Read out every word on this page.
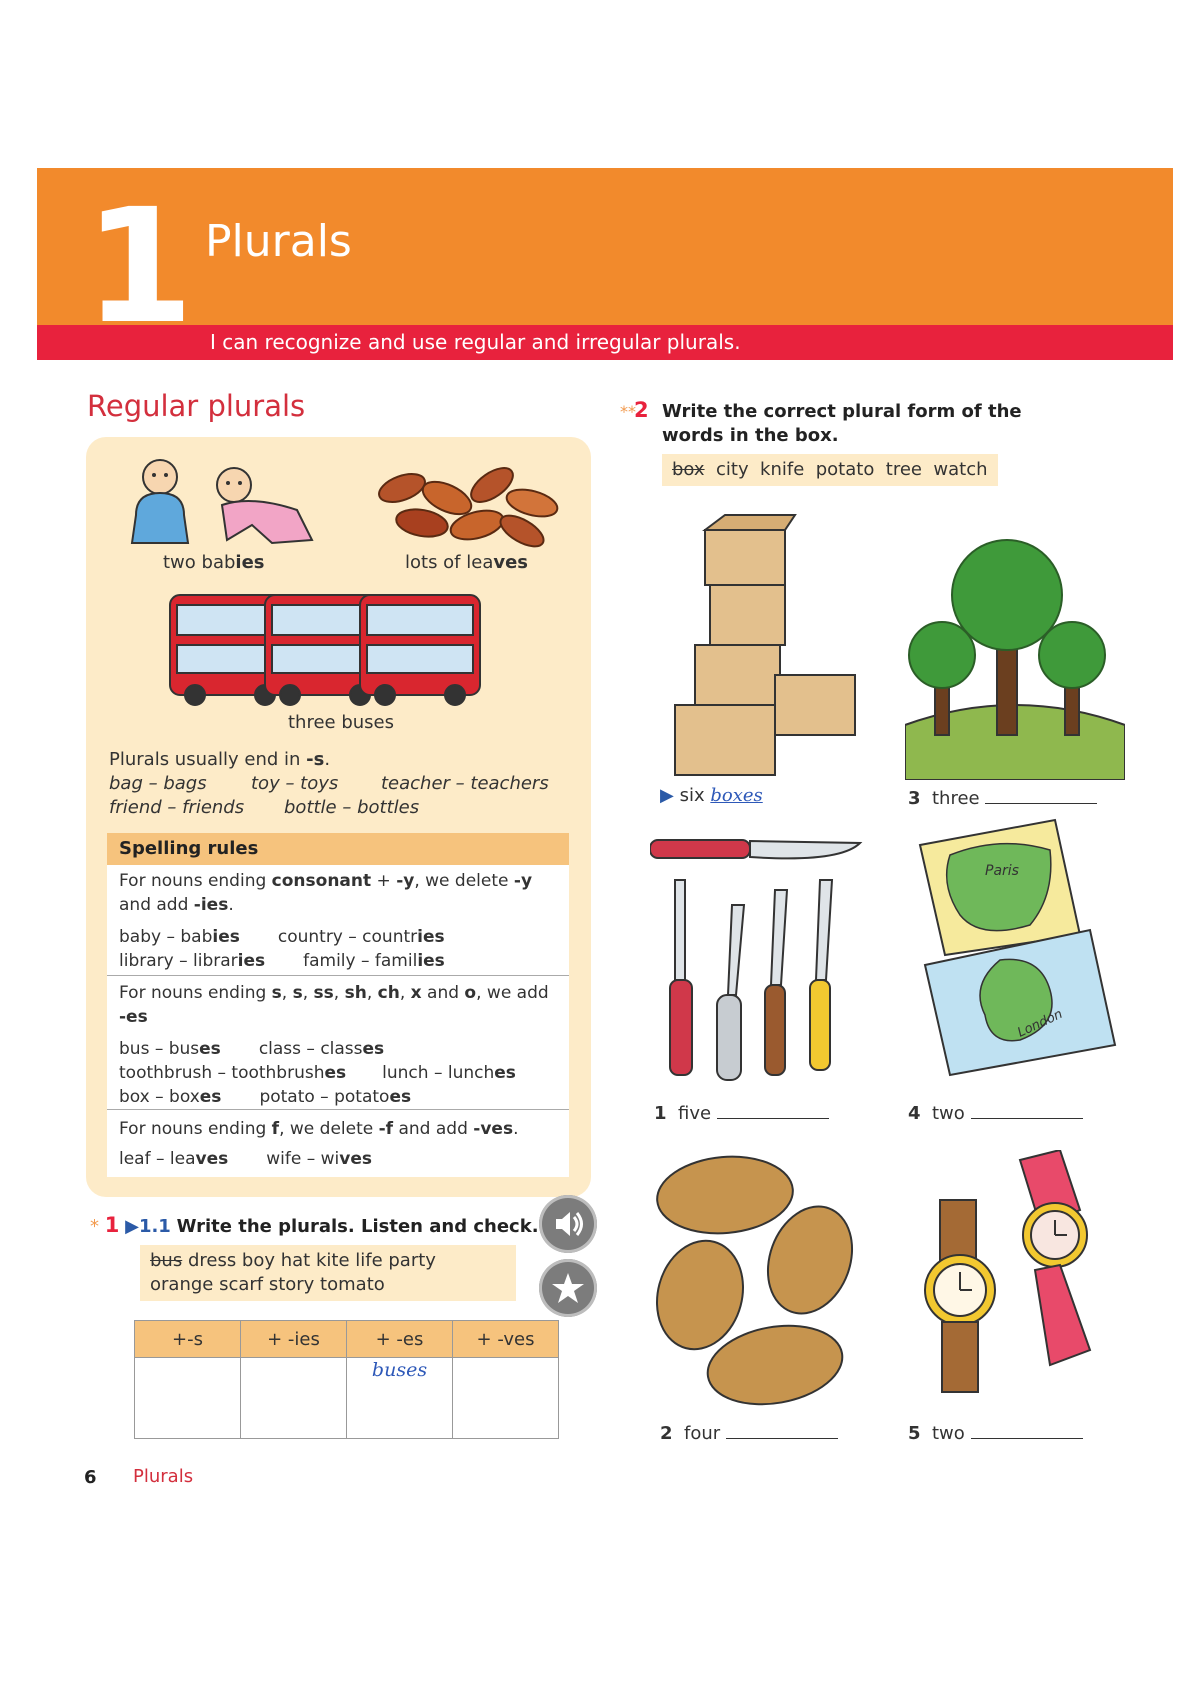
1 Plurals
I can recognize and use regular and irregular plurals.
Regular plurals
two babies	lots of leaves
three buses
Plurals usually end in -s.
bag – bags toy – toys teacher – teachers
friend – friends bottle – bottles
Spelling rules
For nouns ending consonant + -y, we delete -y and add -ies.
baby – babies country – countries
library – libraries family – families
For nouns ending s, s, ss, sh, ch, x and o, we add -es
bus – buses class – classes
toothbrush – toothbrushes lunch – lunches
box – boxes potato – potatoes
For nouns ending f, we delete -f and add -ves.
leaf – leaves wife – wives
* 1 ▶1.1 Write the plurals. Listen and check.
bus dress boy hat kite life party
orange scarf story tomato
+-s	+ -ies	+ -es	+ -ves
		buses	
6 Plurals
**
2 Write the correct plural form of the words in the box.
box city  knife  potato  tree  watch
▶ six boxes	3 three
Paris
London
1 five	4 two
2 four	5 two
